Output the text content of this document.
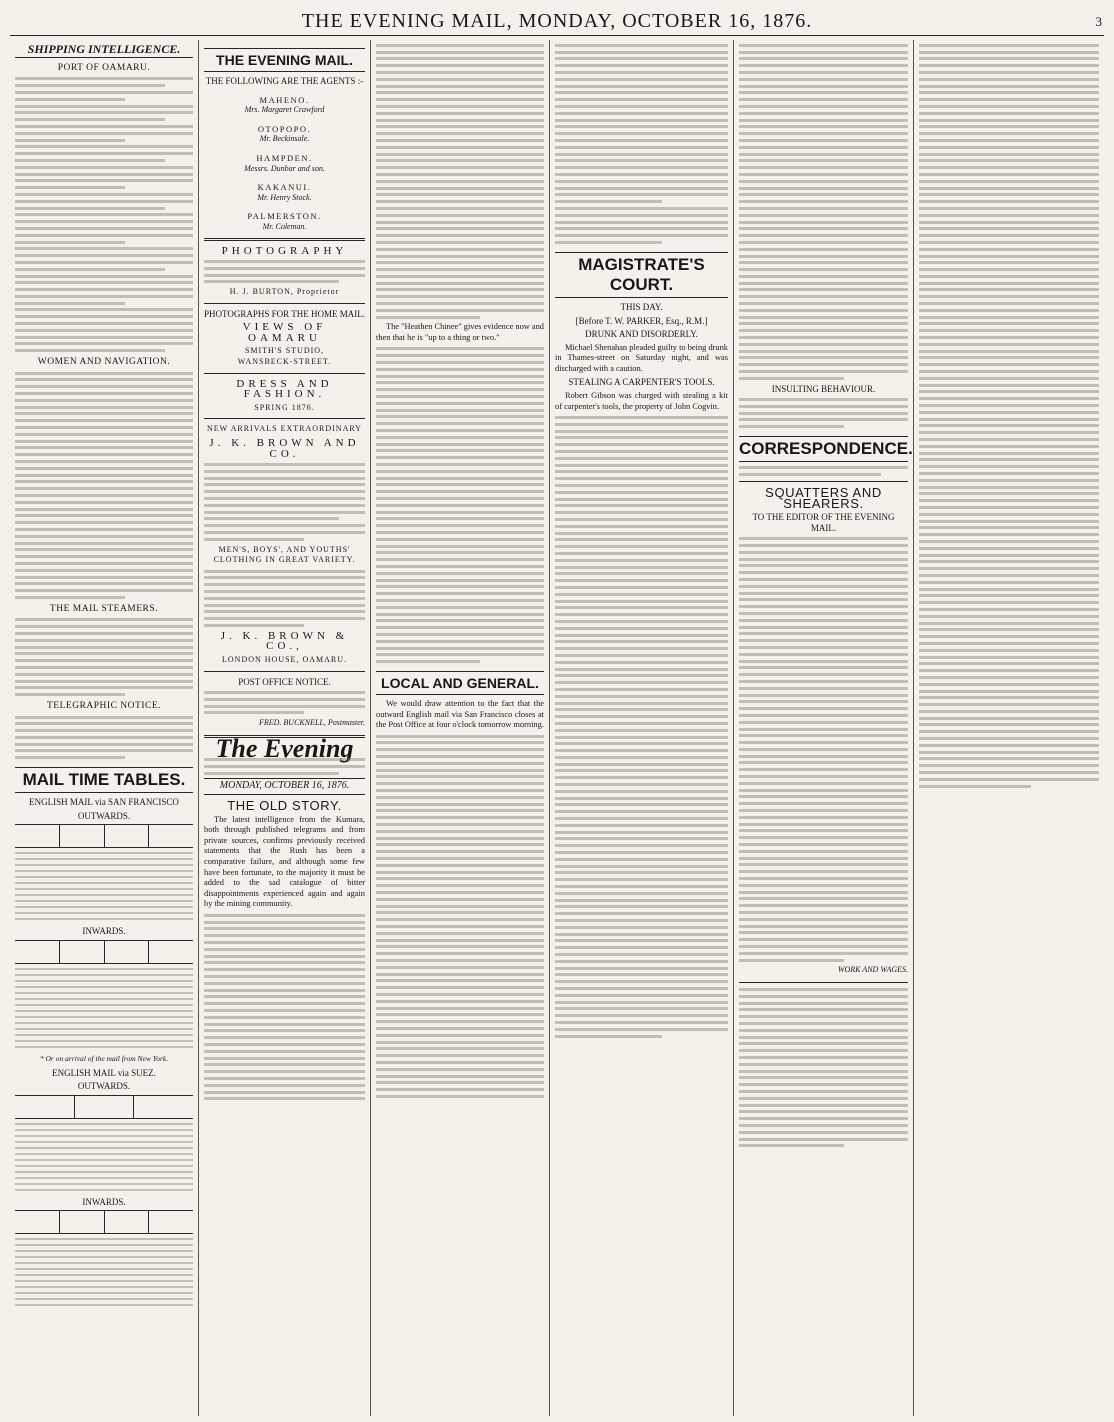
THE EVENING MAIL, MONDAY, OCTOBER 16, 1876.	3
SHIPPING INTELLIGENCE.
PORT OF OAMARU.
WOMEN AND NAVIGATION.
THE MAIL STEAMERS.
TELEGRAPHIC NOTICE.
MAIL TIME TABLES.
ENGLISH MAIL via SAN FRANCISCO
OUTWARDS.
INWARDS.
* Or on arrival of the mail from New York.
ENGLISH MAIL via SUEZ.
OUTWARDS.
INWARDS.
THE EVENING MAIL.
THE FOLLOWING ARE THE AGENTS :-
MAHENO.
Mrs. Margaret Crawford
OTOPOPO.
Mr. Beckinsale.
HAMPDEN.
Messrs. Dunbar and son.
KAKANUI.
Mr. Henry Stock.
PALMERSTON.
Mr. Coleman.
PHOTOGRAPHY
H. J. BURTON, Proprietor
PHOTOGRAPHS FOR THE HOME MAIL.
VIEWS OF OAMARU
SMITH'S STUDIO,
WANSBECK-STREET.
DRESS AND FASHION.
SPRING 1876.
NEW ARRIVALS EXTRAORDINARY
J. K. BROWN AND CO.
MEN'S, BOYS', AND YOUTHS' CLOTHING IN GREAT VARIETY.
J. K. BROWN & CO.,
LONDON HOUSE, OAMARU.
POST OFFICE NOTICE.
FRED. BUCKNELL, Postmaster.
The Evening
MONDAY, OCTOBER 16, 1876.
THE OLD STORY.
The latest intelligence from the Kumara, both through published telegrams and from private sources, confirms previously received statements that the Rush has been a comparative failure, and although some few have been fortunate, to the majority it must be added to the sad catalogue of bitter disappointments experienced again and again by the mining community.
The "Heathen Chinee" gives evidence now and then that he is "up to a thing or two."
LOCAL AND GENERAL.
We would draw attention to the fact that the outward English mail via San Francisco closes at the Post Office at four o'clock tomorrow morning.
MAGISTRATE'S COURT.
THIS DAY.
[Before T. W. PARKER, Esq., R.M.]
DRUNK AND DISORDERLY.
Michael Shenahan pleaded guilty to being drunk in Thames-street on Saturday night, and was discharged with a caution.
STEALING A CARPENTER'S TOOLS.
Robert Gibson was charged with stealing a kit of carpenter's tools, the property of John Cogvin.
INSULTING BEHAVIOUR.
CORRESPONDENCE.
SQUATTERS AND SHEARERS.
TO THE EDITOR OF THE EVENING MAIL.
WORK AND WAGES.
